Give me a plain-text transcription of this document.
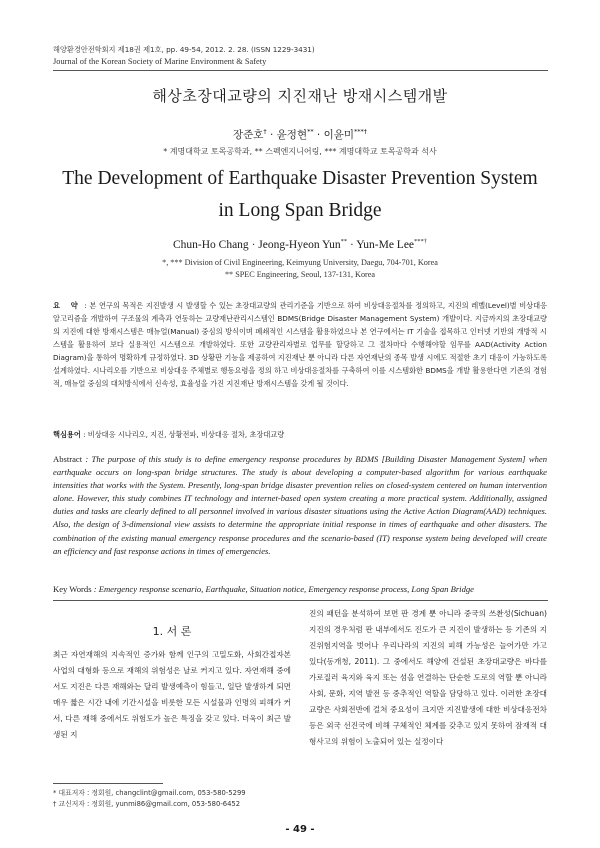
해양환경안전학회지 제18권 제1호, pp. 49-54, 2012. 2. 28. (ISSN 1229-3431)
Journal of the Korean Society of Marine Environment & Safety
해상초장대교량의 지진재난 방재시스템개발
장준호† · 윤정현** · 이윤미***†
* 계명대학교 토목공학과, ** 스펙엔지니어링, *** 계명대학교 토목공학과 석사
The Development of Earthquake Disaster Prevention System
in Long Span Bridge
Chun-Ho Chang · Jeong-Hyeon Yun** · Yun-Me Lee***†
*, *** Division of Civil Engineering, Keimyung University, Daegu, 704-701, Korea
** SPEC Engineering, Seoul, 137-131, Korea
요 약 : 본 연구의 목적은 지진발생 시 발생할 수 있는 초장대교량의 관리기준을 기반으로 하여 비상대응절차를 정의하고, 지진의 레벨(Level)별 비상대응 알고리즘을 개발하여 구조물의 계측과 연동하는 교량재난관리시스템인 BDMS(Bridge Disaster Management System) 개발이다. 지금까지의 초장대교량의 지진에 대한 방재시스템은 매뉴얼(Manual) 중심의 방식이며 폐쇄적인 시스템을 활용하였으나 본 연구에서는 IT 기술을 접목하고 인터넷 기반의 개방적 시스템을 활용하여 보다 실용적인 시스템으로 개발하였다. 또한 교량관리자별로 업무를 할당하고 그 절차마다 수행해야할 임무를 AAD(Activity Action Diagram)을 통하여 명확하게 규정하였다. 3D 상황판 기능을 제공하여 지진재난 뿐 아니라 다른 자연재난의 종목 발생 시에도 적절한 초기 대응이 가능하도록 설계하였다. 시나리오를 기반으로 비상대응 주체별로 행동요령을 정의 하고 비상대응절차를 구축하여 이를 시스템화한 BDMS을 개발 활용한다면 기존의 경험적, 매뉴얼 중심의 대처방식에서 신속성, 효율성을 가진 지진재난 방재시스템을 갖게 될 것이다.
핵심용어 : 비상대응 시나리오, 지진, 상황전파, 비상대응 절차, 초장대교량
Abstract : The purpose of this study is to define emergency response procedures by BDMS [Building Disaster Management System] when earthquake occurs on long-span bridge structures. The study is about developing a computer-based algorithm for various earthquake intensities that works with the System. Presently, long-span bridge disaster prevention relies on closed-system centered on human intervention alone. However, this study combines IT technology and internet-based open system creating a more practical system. Additionally, assigned duties and tasks are clearly defined to all personnel involved in various disaster situations using the Active Action Diagram(AAD) techniques. Also, the design of 3-dimensional view assists to determine the appropriate initial response in times of earthquake and other disasters. The combination of the existing manual emergency response procedures and the scenario-based (IT) response system being developed will create an efficiency and fast response actions in times of emergencies.
Key Words : Emergency response scenario, Earthquake, Situation notice, Emergency response process, Long Span Bridge
1. 서 론
최근 자연재해의 지속적인 증가와 함께 인구의 고밀도화, 사회간접자본사업의 대형화 등으로 재해의 위험성은 날로 커지고 있다. 자연재해 중에서도 지진은 다른 재해와는 달리 발생예측이 힘들고, 일단 발생하게 되면 매우 짧은 시간 내에 기간시설을 비롯한 모든 시설물과 인명의 피해가 커서, 다른 재해 중에서도 위험도가 높은 특징을 갖고 있다. 더욱이 최근 발생된 지
진의 패턴을 분석하여 보면 판 경계 뿐 아니라 중국의 쓰촨성(Sichuan)지진의 경우처럼 판 내부에서도 진도가 큰 지진이 발생하는 등 기존의 지진위험지역을 벗어나 우리나라의 지진의 피해 가능성은 늘어가만 가고 있다(동개청, 2011). 그 중에서도 해양에 건설된 초장대교량은 바다를 가로질러 육지와 육지 또는 섬을 연결하는 단순한 도로의 역할 뿐 아니라 사회, 문화, 지역 발전 등 중추적인 역할을 담당하고 있다. 이러한 초장대교량은 사회전반에 걸쳐 중요성이 크지만 지진발생에 대한 비상대응전차 등은 외국 선진국에 비해 구체적인 체계를 갖추고 있지 못하여 잠재적 대형사고의 위험이 노출되어 있는 실정이다
* 대표저자 : 정회원, changclint@gmail.com, 053-580-5299
† 교신저자 : 정회원, yunmi86@gmail.com, 053-580-6452
- 49 -
